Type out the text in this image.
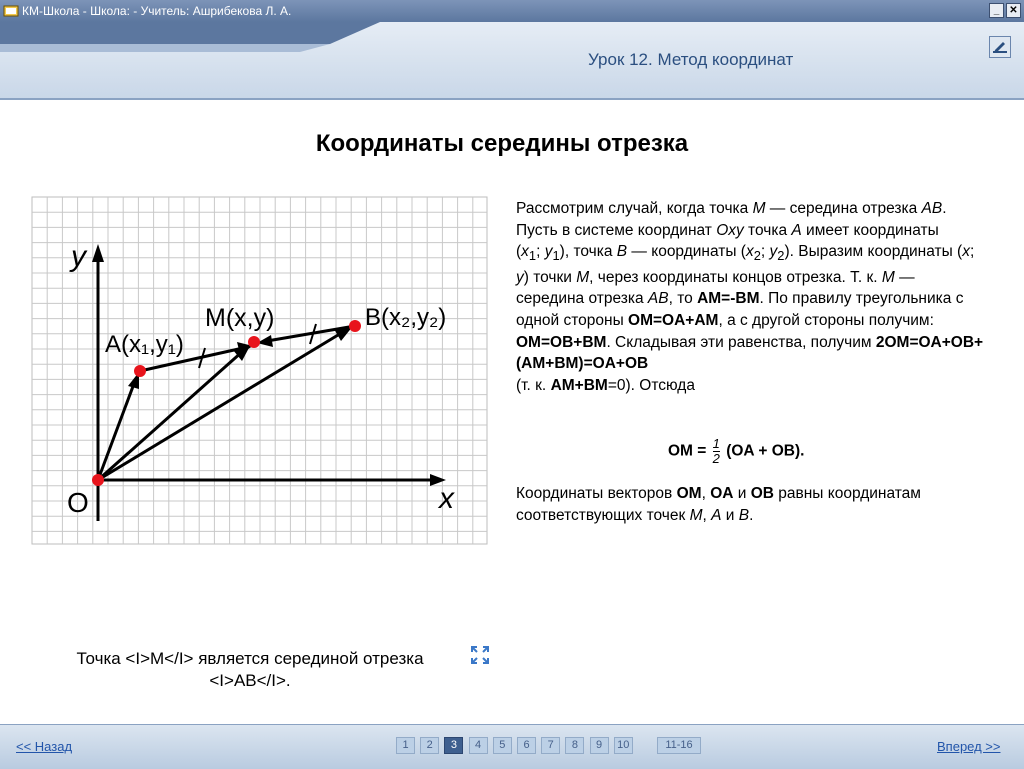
КМ-Школа - Школа: - Учитель: Ашрибекова Л. А.	_	✕
Урок 12. Метод координат
Координаты середины отрезка
y
x
O
A(x₁,y₁)
M(x,y)	B(x₂,y₂)
Рассмотрим случай, когда точка M — середина отрезка AB. Пусть в системе координат Oxy точка A имеет координаты
($x_1$; $y_1$), точка B — координаты ($x_2$; $y_2$). Выразим координаты (x; y) точки M, через координаты концов отрезка. Т. к. M — середина отрезка AB, то AM=-BM. По правилу треугольника с одной стороны OM=OA+AM, а с другой стороны получим: OM=OB+BM. Складывая эти равенства, получим 2OM=OA+OB+(AM+BM)=OA+OB
(т. к. AM+BM=0). Отсюда
OM = $\frac{1}{2} (OA + OB)$.
Координаты векторов OM, OA и OB равны координатам соответствующих точек M, A и B.
Точка <I>M</I> является серединой отрезка
<I>AB</I>.
<< Назад	1	2	3	4	5	6	7	8	9	10	11-16	Вперед >>
